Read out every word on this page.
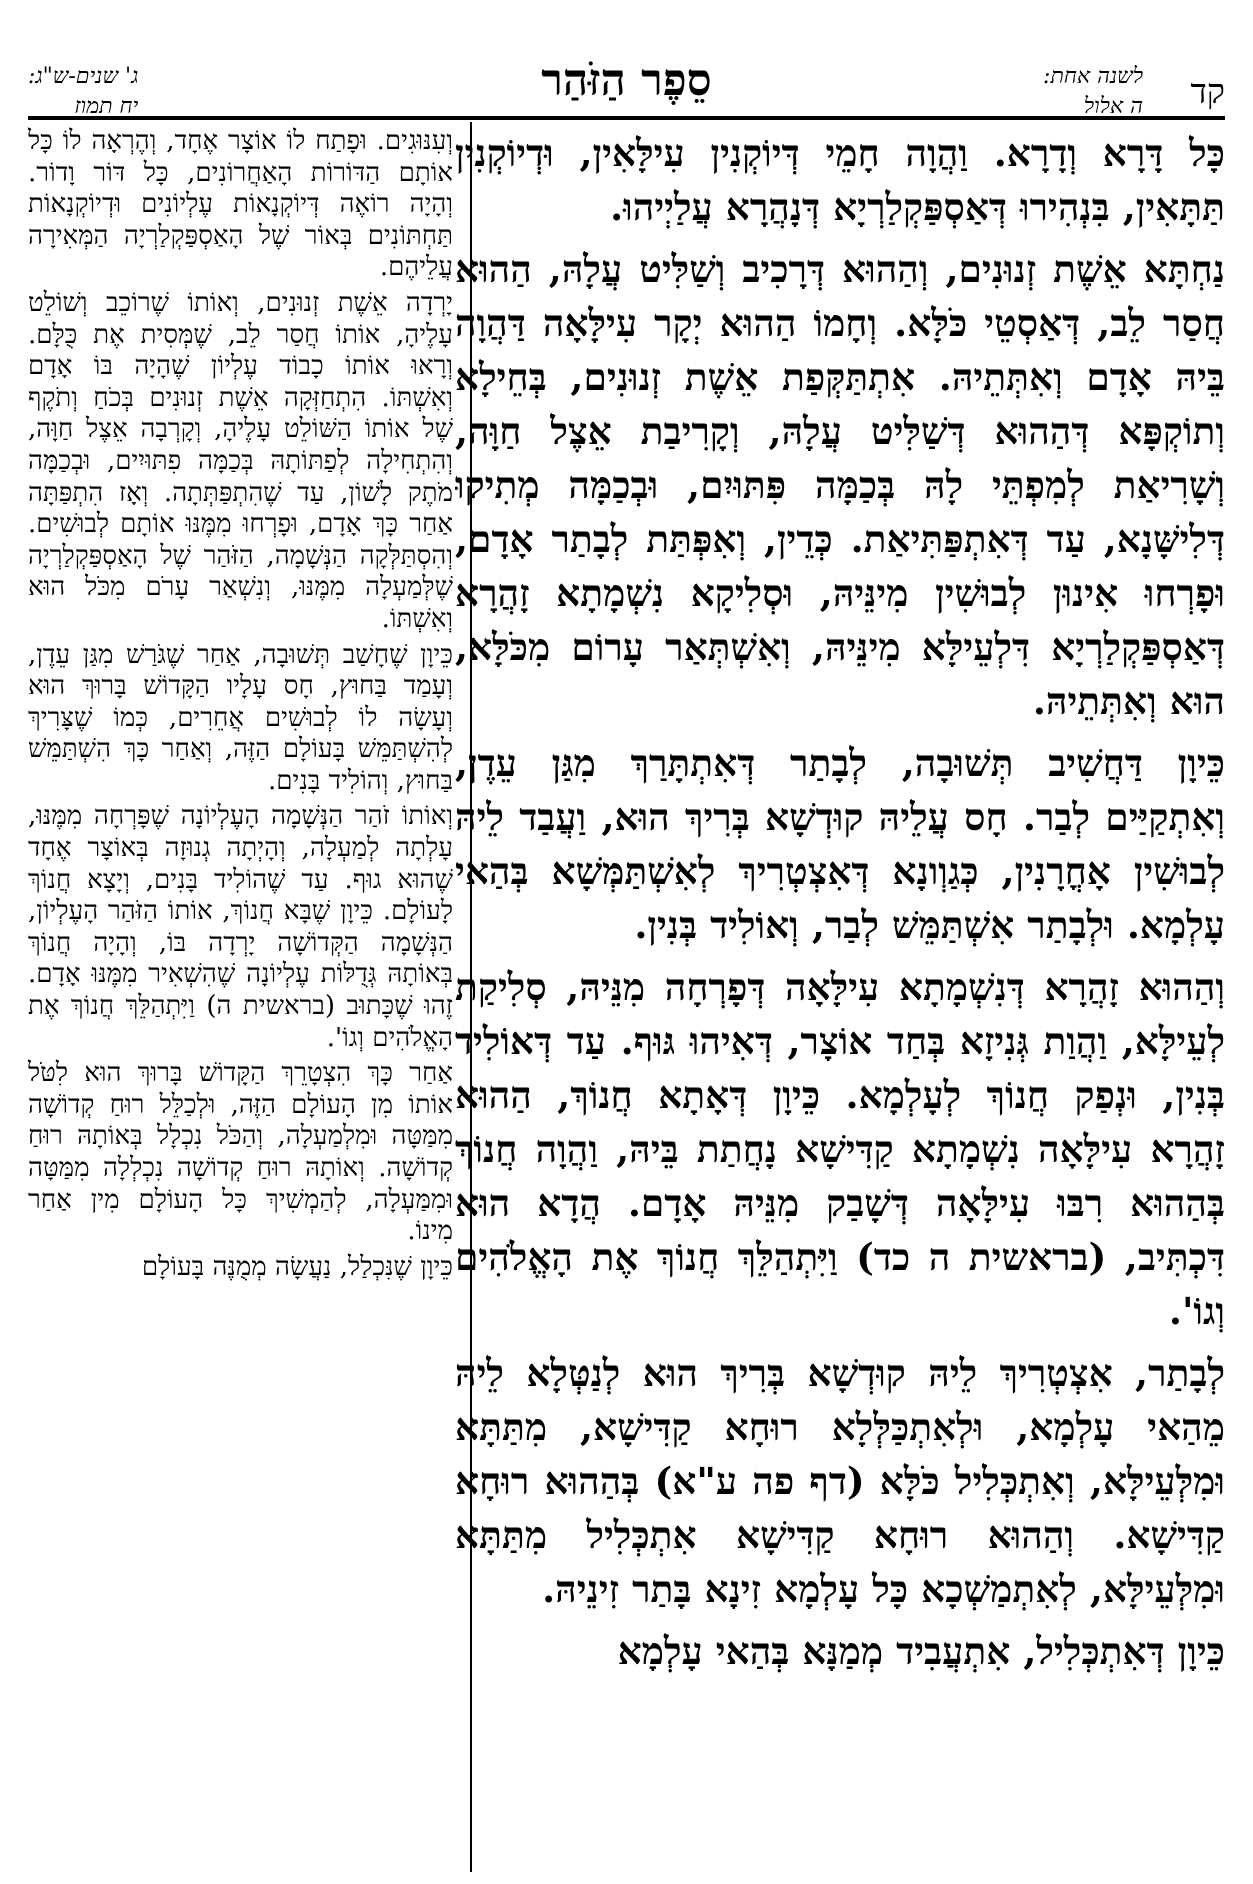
קד
לשנה אחת:
ה אלול
סֵפֶר הַזֹּהַר
ג' שנים-ש"ג:
יח תמוז

כָּל דָּרָא וְדָרָא. וַהֲוָה חָמֵי דְּיוֹקְנִין עִילָּאִין, וּדְיוֹקְנִין תַּתָּאִין, בִּנְהִירוּ דְּאַסְפַּקְלַרְיָא דְּנָהֲרָא עֲלַיְיהוּ.

נַחְתָּא אֵשֶׁת זְנוּנִים, וְהַהוּא דְּרָכִיב וְשַׁלִּיט עֲלָהּ, הַהוּא חֲסַר לֵב, דְּאַסְטֵי כֹּלָּא. וְחָמוֹ הַהוּא יְקָר עִילָּאָה דַּהֲוָה בֵּיהּ אָדָם וְאִתְּתֵיהּ. אִתְתַּקְּפַת אֵשֶׁת זְנוּנִים, בְּחֵילָא וְתוֹקְפָּא דְּהַהוּא דְּשַׁלִּיט עֲלָהּ, וְקָרִיבַת אֵצֶל חַוָּה, וְשָׁרִיאַת לְמִפְתֵּי לָהּ בְּכַמָּה פִּתּוּיִם, וּבְכַמָּה מְתִיקוּ דְּלִישָּׁנָא, עַד דְּאִתְפַּתִּיאַת. כְּדֵין, וְאִפְּתַּת לְבָתַר אָדָם, וּפָרְחוּ אִינוּן לְבוּשִׁין מִינֵּיהּ, וּסְלִיקָא נִשְׁמָתָא זָהֲרָא דְּאַסְפַּקְלַרְיָא דִּלְעֵילָּא מִינֵּיהּ, וְאִשְׁתְּאַר עָרוֹם מִכֹּלָּא, הוּא וְאִתְּתֵיהּ.

כֵּיוָן דַּחֲשִׁיב תְּשׁוּבָה, לְבָתַר דְּאִתְתָּרַךְ מִגַּן עֵדֶן, וְאִתְקַיַּים לְבַר. חָס עֲלֵיהּ קוּדְשָׁא בְּרִיךְ הוּא, וַעֲבַד לֵיהּ לְבוּשִׁין אָחֳרָנִין, כְּגַוְונָא דְּאִצְטְרִיךְ לְאִשְׁתַּמְּשָׁא בְּהַאי עָלְמָא. וּלְבָתַר אִשְׁתַּמֵּשׁ לְבַר, וְאוֹלִיד בְּנִין.

וְהַהוּא זָהֲרָא דְּנִשְׁמָתָא עִילָּאָה דְּפָרְחָה מִנֵּיהּ, סְלִיקַת לְעֵילָּא, וַהֲוַת גְּנִיזָא בְּחַד אוֹצָר, דְּאִיהוּ גּוּף. עַד דְּאוֹלִיד בְּנִין, וּנְפַק חֲנוֹךְ לְעָלְמָא. כֵּיוָן דְּאָתָא חֲנוֹךְ, הַהוּא זָהֲרָא עִילָּאָה נִשְׁמָתָא קַדִּישָׁא נָחֲתַת בֵּיהּ, וַהֲוָה חֲנוֹךְ בְּהַהוּא רִבּוּ עִילָּאָה דְּשָׁבַק מִנֵּיהּ אָדָם. הֲדָא הוּא דִּכְתִּיב, (בראשית ה כד) וַיִּתְהַלֵּךְ חֲנוֹךְ אֶת הָאֱלֹהִים וְגוֹ'.

לְבָתַר, אִצְטְרִיךְ לֵיהּ קוּדְשָׁא בְּרִיךְ הוּא לְנַטְּלָא לֵיהּ מֵהַאי עָלְמָא, וּלְאִתְכַּלְּלָא רוּחָא קַדִּישָׁא, מִתַּתָּא וּמִלְּעֵילָּא, וְאִתְכְּלִיל כֹּלָּא (דף פה ע"א) בְּהַהוּא רוּחָא קַדִּישָׁא. וְהַהוּא רוּחָא קַדִּישָׁא אִתְכְּלִיל מִתַּתָּא וּמִלְּעֵילָּא, לְאִתְמַשְׁכָא כָּל עָלְמָא זִינָא בָּתַר זִינֵיהּ.

כֵּיוָן דְּאִתְכְּלִיל, אִתְעֲבִיד מְמַנָּא בְּהַאי עָלְמָא

וְעִנּוּגִים. וּפָתַח לוֹ אוֹצָר אֶחָד, וְהֶרְאָה לוֹ כָּל אוֹתָם הַדּוֹרוֹת הָאַחֲרוֹנִים, כָּל דּוֹר וָדוֹר. וְהָיָה רוֹאֶה דְּיוֹקְנָאוֹת עֶלְיוֹנִים וּדְיוֹקְנָאוֹת תַּחְתּוֹנִים בְּאוֹר שֶׁל הָאַסְפַּקְלַרְיָה הַמְּאִירָה עֲלֵיהֶם.

יָרְדָה אֵשֶׁת זְנוּנִים, וְאוֹתוֹ שֶׁרוֹכֵב וְשׁוֹלֵט עָלֶיהָ, אוֹתוֹ חֲסַר לֵב, שֶׁמְּסִית אֶת כֻּלָּם. וְרָאוּ אוֹתוֹ כָבוֹד עֶלְיוֹן שֶׁהָיָה בּוֹ אָדָם וְאִשְׁתּוֹ. הִתְחַזְּקָה אֵשֶׁת זְנוּנִים בְּכֹחַ וְתֹקֶף שֶׁל אוֹתוֹ הַשּׁוֹלֵט עָלֶיהָ, וְקָרְבָה אֵצֶל חַוָּה, וְהִתְחִילָה לְפַתּוֹתָהּ בְּכַמָּה פִתּוּיִים, וּבְכַמָּה מֹתֶק לָשׁוֹן, עַד שֶׁהִתְפַּתְּתָה. וְאָז הִתְפַּתָּה אַחַר כָּךְ אָדָם, וּפָרְחוּ מִמֶּנּוּ אוֹתָם לְבוּשִׁים. וְהִסְתַּלְּקָה הַנְּשָׁמָה, הַזֹּהַר שֶׁל הָאַסְפַּקְלַרְיָה שֶׁלְּמַעְלָה מִמֶּנּוּ, וְנִשְׁאַר עָרֹם מִכֹּל הוּא וְאִשְׁתּוֹ.

כֵּיוָן שֶׁחָשַׁב תְּשׁוּבָה, אַחַר שֶׁגֹּרַשׁ מִגַּן עֵדֶן, וְעָמַד בַּחוּץ, חָס עָלָיו הַקָּדוֹשׁ בָּרוּךְ הוּא וְעָשָׂה לוֹ לְבוּשִׁים אֲחֵרִים, כְּמוֹ שֶׁצָּרִיךְ לְהִשְׁתַּמֵּשׁ בָּעוֹלָם הַזֶּה, וְאַחַר כָּךְ הִשְׁתַּמֵּשׁ בַּחוּץ, וְהוֹלִיד בָּנִים.

וְאוֹתוֹ זֹהַר הַנְּשָׁמָה הָעֶלְיוֹנָה שֶׁפָּרְחָה מִמֶּנּוּ, עָלְתָה לְמַעְלָה, וְהָיְתָה גְנוּזָה בְּאוֹצָר אֶחָד שֶׁהוּא גוּף. עַד שֶׁהוֹלִיד בָּנִים, וְיָצָא חֲנוֹךְ לָעוֹלָם. כֵּיוָן שֶׁבָּא חֲנוֹךְ, אוֹתוֹ הַזֹּהַר הָעֶלְיוֹן, הַנְּשָׁמָה הַקְּדוֹשָׁה יָרְדָה בּוֹ, וְהָיָה חֲנוֹךְ בְּאוֹתָהּ גְּדֻלּוֹת עֶלְיוֹנָה שֶׁהִשְׁאִיר מִמֶּנּוּ אָדָם. זֶהוּ שֶׁכָּתוּב (בראשית ה) וַיִּתְהַלֵּךְ חֲנוֹךְ אֶת הָאֱלֹהִים וְגוֹ'.

אַחַר כָּךְ הִצְטָרֵךְ הַקָּדוֹשׁ בָּרוּךְ הוּא לִטֹּל אוֹתוֹ מִן הָעוֹלָם הַזֶּה, וּלְכַלֵּל רוּחַ קְדוֹשָׁה מִמַּטָּה וּמִלְמַעְלָה, וְהַכֹּל נִכְלָל בְּאוֹתָהּ רוּחַ קְדוֹשָׁה. וְאוֹתָהּ רוּחַ קְדוֹשָׁה נִכְלְלָה מִמַּטָּה וּמִמַּעְלָה, לְהַמְשִׁיךְ כָּל הָעוֹלָם מִין אַחַר מִינוֹ.

כֵּיוָן שֶׁנִּכְלַל, נַעֲשָׂה מְמֻנֶּה בָּעוֹלָם
